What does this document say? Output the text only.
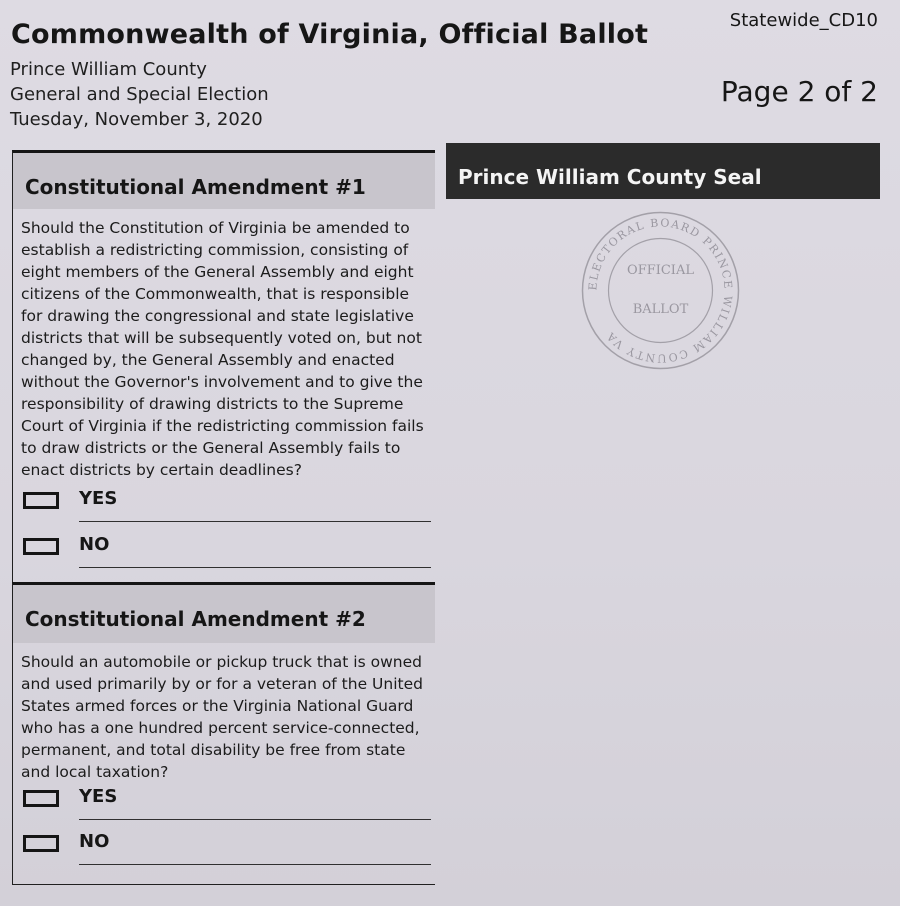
Commonwealth of Virginia, Official Ballot
Prince William County
General and Special Election
Tuesday, November 3, 2020
Statewide_CD10
Page 2 of 2
Constitutional Amendment #1
Should the Constitution of Virginia be amended to establish a redistricting commission, consisting of eight members of the General Assembly and eight citizens of the Commonwealth, that is responsible for drawing the congressional and state legislative districts that will be subsequently voted on, but not changed by, the General Assembly and enacted without the Governor's involvement and to give the responsibility of drawing districts to the Supreme Court of Virginia if the redistricting commission fails to draw districts or the General Assembly fails to enact districts by certain deadlines?
YES
NO
Constitutional Amendment #2
Should an automobile or pickup truck that is owned and used primarily by or for a veteran of the United States armed forces or the Virginia National Guard who has a one hundred percent service-connected, permanent, and total disability be free from state and local taxation?
YES
NO
Prince William County Seal
ELECTORAL BOARD PRINCE WILLIAM COUNTY VA
OFFICIAL
BALLOT
